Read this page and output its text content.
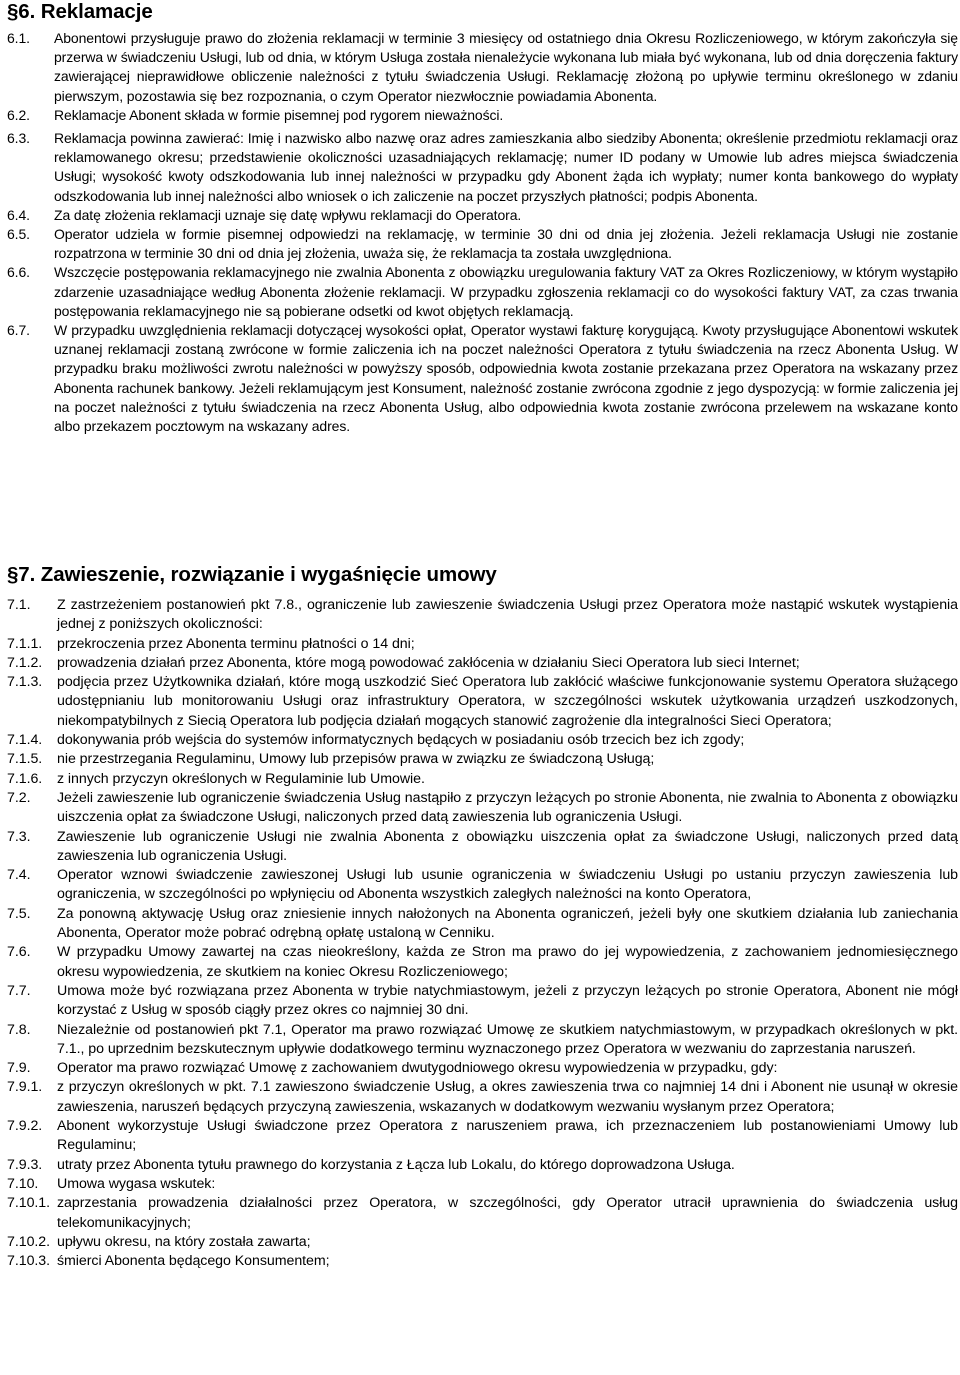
§6. Reklamacje
6.1.	Abonentowi przysługuje prawo do złożenia reklamacji w terminie 3 miesięcy od ostatniego dnia Okresu Rozliczeniowego, w którym zakończyła się przerwa w świadczeniu Usługi, lub od dnia, w którym Usługa została nienależycie wykonana lub miała być wykonana, lub od dnia doręczenia faktury zawierającej nieprawidłowe obliczenie należności z tytułu świadczenia Usługi. Reklamację złożoną po upływie terminu określonego w zdaniu pierwszym, pozostawia się bez rozpoznania, o czym Operator niezwłocznie powiadamia Abonenta.
6.2.	Reklamacje Abonent składa w formie pisemnej pod rygorem nieważności.
6.3.	Reklamacja powinna zawierać: Imię i nazwisko albo nazwę oraz adres zamieszkania albo siedziby Abonenta; określenie przedmiotu reklamacji oraz reklamowanego okresu; przedstawienie okoliczności uzasadniających reklamację; numer ID podany w Umowie lub adres miejsca świadczenia Usługi; wysokość kwoty odszkodowania lub innej należności w przypadku gdy Abonent żąda ich wypłaty; numer konta bankowego do wypłaty odszkodowania lub innej należności albo wniosek o ich zaliczenie na poczet przyszłych płatności; podpis Abonenta.
6.4.	Za datę złożenia reklamacji uznaje się datę wpływu reklamacji do Operatora.
6.5.	Operator udziela w formie pisemnej odpowiedzi na reklamację, w terminie 30 dni od dnia jej złożenia. Jeżeli reklamacja Usługi nie zostanie rozpatrzona w terminie 30 dni od dnia jej złożenia, uważa się, że reklamacja ta została uwzględniona.
6.6.	Wszczęcie postępowania reklamacyjnego nie zwalnia Abonenta z obowiązku uregulowania faktury VAT za Okres Rozliczeniowy, w którym wystąpiło zdarzenie uzasadniające według Abonenta złożenie reklamacji. W przypadku zgłoszenia reklamacji co do wysokości faktury VAT, za czas trwania postępowania reklamacyjnego nie są pobierane odsetki od kwot objętych reklamacją.
6.7.	W przypadku uwzględnienia reklamacji dotyczącej wysokości opłat, Operator wystawi fakturę korygującą. Kwoty przysługujące Abonentowi wskutek uznanej reklamacji zostaną zwrócone w formie zaliczenia ich na poczet należności Operatora z tytułu świadczenia na rzecz Abonenta Usług. W przypadku braku możliwości zwrotu należności w powyższy sposób, odpowiednia kwota zostanie przekazana przez Operatora na wskazany przez Abonenta rachunek bankowy. Jeżeli reklamującym jest Konsument, należność zostanie zwrócona zgodnie z jego dyspozycją: w formie zaliczenia jej na poczet należności z tytułu świadczenia na rzecz Abonenta Usług, albo odpowiednia kwota zostanie zwrócona przelewem na wskazane konto albo przekazem pocztowym na wskazany adres.
§7. Zawieszenie, rozwiązanie i wygaśnięcie umowy
7.1.	Z zastrzeżeniem postanowień pkt 7.8., ograniczenie lub zawieszenie świadczenia Usługi przez Operatora może nastąpić wskutek wystąpienia jednej z poniższych okoliczności:
7.1.1.	przekroczenia przez Abonenta terminu płatności o 14 dni;
7.1.2.	prowadzenia działań przez Abonenta, które mogą powodować zakłócenia w działaniu Sieci Operatora lub sieci Internet;
7.1.3.	podjęcia przez Użytkownika działań, które mogą uszkodzić Sieć Operatora lub zakłócić właściwe funkcjonowanie systemu Operatora służącego udostępnianiu lub monitorowaniu Usługi oraz infrastruktury Operatora, w szczególności wskutek użytkowania urządzeń uszkodzonych, niekompatybilnych z Siecią Operatora lub podjęcia działań mogących stanowić zagrożenie dla integralności Sieci Operatora;
7.1.4.	dokonywania prób wejścia do systemów informatycznych będących w posiadaniu osób trzecich bez ich zgody;
7.1.5.	nie przestrzegania Regulaminu, Umowy lub przepisów prawa w związku ze świadczoną Usługą;
7.1.6.	z innych przyczyn określonych w Regulaminie lub Umowie.
7.2.	Jeżeli zawieszenie lub ograniczenie świadczenia Usług nastąpiło z przyczyn leżących po stronie Abonenta, nie zwalnia to Abonenta z obowiązku uiszczenia opłat za świadczone Usługi, naliczonych przed datą zawieszenia lub ograniczenia Usługi.
7.3.	Zawieszenie lub ograniczenie Usługi nie zwalnia Abonenta z obowiązku uiszczenia opłat za świadczone Usługi, naliczonych przed datą zawieszenia lub ograniczenia Usługi.
7.4.	Operator wznowi świadczenie zawieszonej Usługi lub usunie ograniczenia w świadczeniu Usługi po ustaniu przyczyn zawieszenia lub ograniczenia, w szczególności po wpłynięciu od Abonenta wszystkich zaległych należności na konto Operatora,
7.5.	Za ponowną aktywację Usług oraz zniesienie innych nałożonych na Abonenta ograniczeń, jeżeli były one skutkiem działania lub zaniechania Abonenta, Operator może pobrać odrębną opłatę ustaloną w Cenniku.
7.6.	W przypadku Umowy zawartej na czas nieokreślony, każda ze Stron ma prawo do jej wypowiedzenia, z zachowaniem jednomiesięcznego okresu wypowiedzenia, ze skutkiem na koniec Okresu Rozliczeniowego;
7.7.	Umowa może być rozwiązana przez Abonenta w trybie natychmiastowym, jeżeli z przyczyn leżących po stronie Operatora, Abonent nie mógł korzystać z Usług w sposób ciągły przez okres co najmniej 30 dni.
7.8.	Niezależnie od postanowień pkt 7.1, Operator ma prawo rozwiązać Umowę ze skutkiem natychmiastowym, w przypadkach określonych w pkt. 7.1., po uprzednim bezskutecznym upływie dodatkowego terminu wyznaczonego przez Operatora w wezwaniu do zaprzestania naruszeń.
7.9.	Operator ma prawo rozwiązać Umowę z zachowaniem dwutygodniowego okresu wypowiedzenia w przypadku, gdy:
7.9.1.	z przyczyn określonych w pkt. 7.1 zawieszono świadczenie Usług, a okres zawieszenia trwa co najmniej 14 dni i Abonent nie usunął w okresie zawieszenia, naruszeń będących przyczyną zawieszenia, wskazanych w dodatkowym wezwaniu wysłanym przez Operatora;
7.9.2.	Abonent wykorzystuje Usługi świadczone przez Operatora z naruszeniem prawa, ich przeznaczeniem lub postanowieniami Umowy lub Regulaminu;
7.9.3.	utraty przez Abonenta tytułu prawnego do korzystania z Łącza lub Lokalu, do którego doprowadzona Usługa.
7.10.	Umowa wygasa wskutek:
7.10.1. zaprzestania prowadzenia działalności przez Operatora, w szczególności, gdy Operator utracił uprawnienia do świadczenia usług telekomunikacyjnych;
7.10.2. upływu okresu, na który została zawarta;
7.10.3. śmierci Abonenta będącego Konsumentem;
